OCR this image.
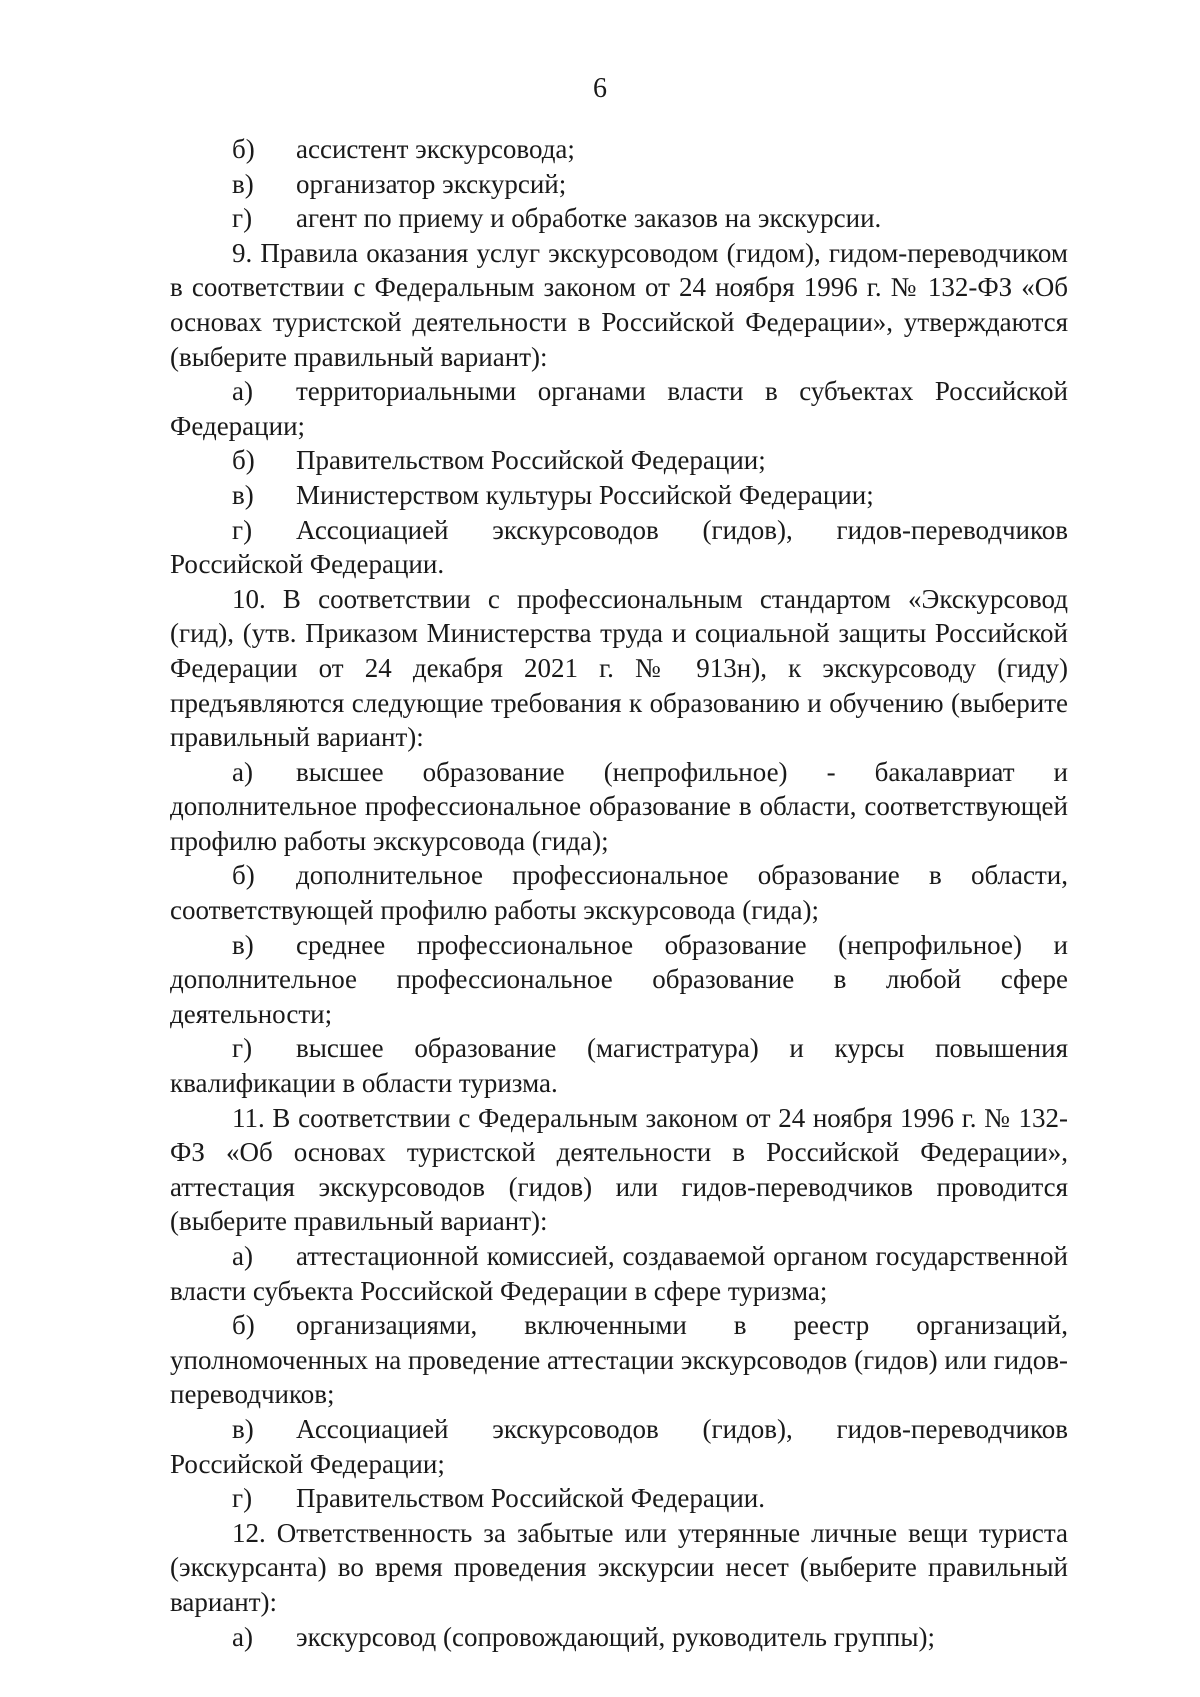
6

б) ассистент экскурсовода;

в) организатор экскурсий;

г) агент по приему и обработке заказов на экскурсии.

9. Правила оказания услуг экскурсоводом (гидом), гидом-переводчиком в соответствии с Федеральным законом от 24 ноября 1996 г. № 132-ФЗ «Об основах туристской деятельности в Российской Федерации», утверждаются (выберите правильный вариант):

а) территориальными органами власти в субъектах Российской Федерации;

б) Правительством Российской Федерации;

в) Министерством культуры Российской Федерации;

г) Ассоциацией экскурсоводов (гидов), гидов-переводчиков Российской Федерации.

10. В соответствии с профессиональным стандартом «Экскурсовод (гид), (утв. Приказом Министерства труда и социальной защиты Российской Федерации от 24 декабря 2021 г. № 913н), к экскурсоводу (гиду) предъявляются следующие требования к образованию и обучению (выберите правильный вариант):

а) высшее образование (непрофильное) - бакалавриат и дополнительное профессиональное образование в области, соответствующей профилю работы экскурсовода (гида);

б) дополнительное профессиональное образование в области, соответствующей профилю работы экскурсовода (гида);

в) среднее профессиональное образование (непрофильное) и дополнительное профессиональное образование в любой сфере деятельности;

г) высшее образование (магистратура) и курсы повышения квалификации в области туризма.

11. В соответствии с Федеральным законом от 24 ноября 1996 г. № 132-ФЗ «Об основах туристской деятельности в Российской Федерации», аттестация экскурсоводов (гидов) или гидов-переводчиков проводится (выберите правильный вариант):

а) аттестационной комиссией, создаваемой органом государственной власти субъекта Российской Федерации в сфере туризма;

б) организациями, включенными в реестр организаций, уполномоченных на проведение аттестации экскурсоводов (гидов) или гидов-переводчиков;

в) Ассоциацией экскурсоводов (гидов), гидов-переводчиков Российской Федерации;

г) Правительством Российской Федерации.

12. Ответственность за забытые или утерянные личные вещи туриста (экскурсанта) во время проведения экскурсии несет (выберите правильный вариант):

а) экскурсовод (сопровождающий, руководитель группы);
